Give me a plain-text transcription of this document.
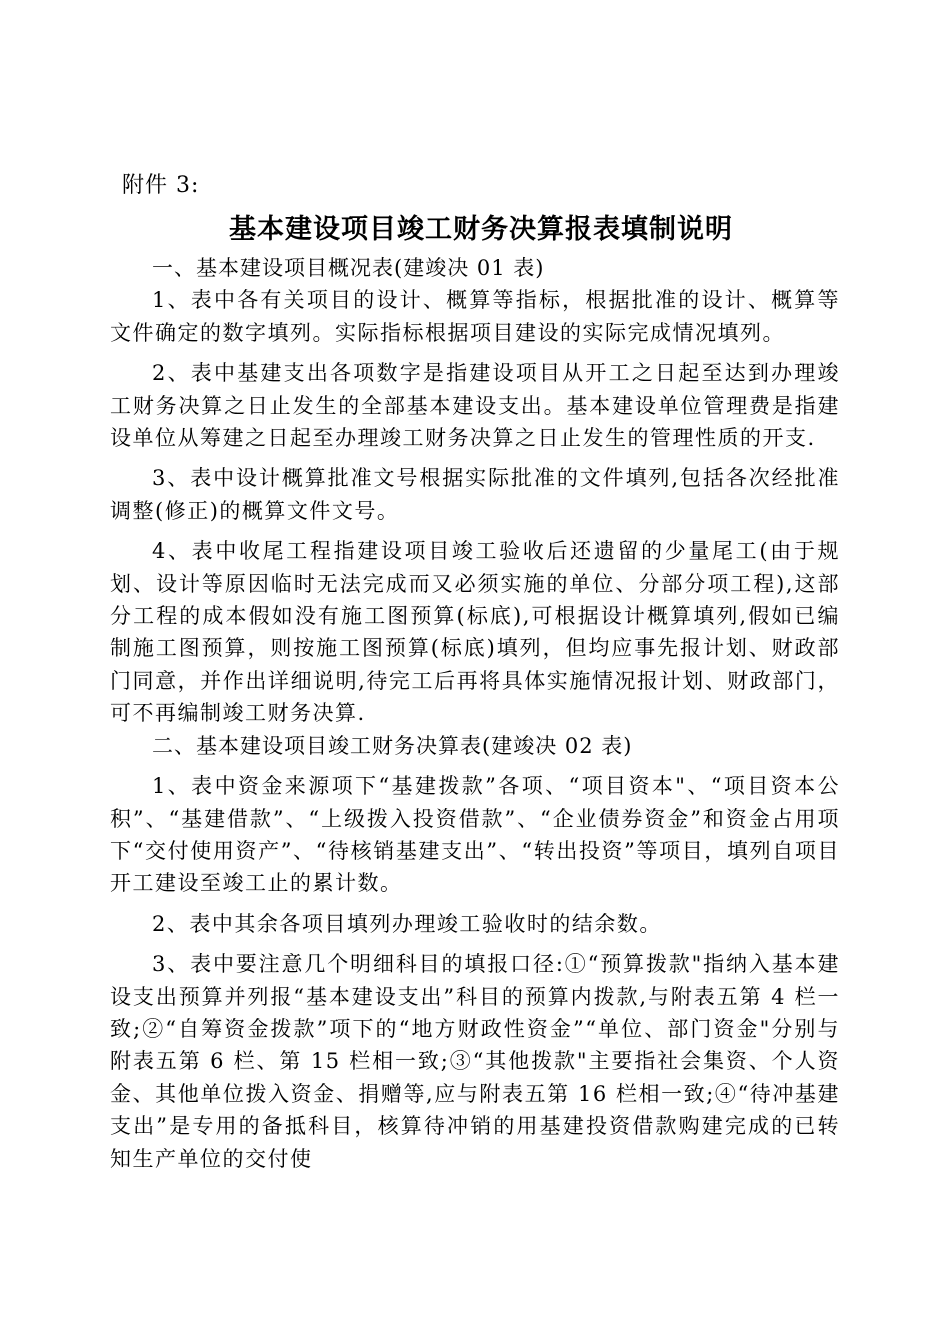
附件 3:

基本建设项目竣工财务决算报表填制说明

一、基本建设项目概况表(建竣决 01 表)

1、表中各有关项目的设计、概算等指标，根据批准的设计、概算等文件确定的数字填列。实际指标根据项目建设的实际完成情况填列。

2、表中基建支出各项数字是指建设项目从开工之日起至达到办理竣工财务决算之日止发生的全部基本建设支出。基本建设单位管理费是指建设单位从筹建之日起至办理竣工财务决算之日止发生的管理性质的开支.

3、表中设计概算批准文号根据实际批准的文件填列,包括各次经批准调整(修正)的概算文件文号。

4、表中收尾工程指建设项目竣工验收后还遗留的少量尾工(由于规划、设计等原因临时无法完成而又必须实施的单位、分部分项工程),这部分工程的成本假如没有施工图预算(标底),可根据设计概算填列,假如已编制施工图预算，则按施工图预算(标底)填列，但均应事先报计划、财政部门同意，并作出详细说明,待完工后再将具体实施情况报计划、财政部门，可不再编制竣工财务决算.

二、基本建设项目竣工财务决算表(建竣决 02 表)

1、表中资金来源项下“基建拨款”各项、“项目资本"、“项目资本公积”、“基建借款”、“上级拨入投资借款”、“企业债券资金”和资金占用项下“交付使用资产”、“待核销基建支出”、“转出投资”等项目，填列自项目开工建设至竣工止的累计数。

2、表中其余各项目填列办理竣工验收时的结余数。

3、表中要注意几个明细科目的填报口径:①“预算拨款"指纳入基本建设支出预算并列报“基本建设支出”科目的预算内拨款,与附表五第 4 栏一致;②“自筹资金拨款”项下的“地方财政性资金”“单位、部门资金"分别与附表五第 6 栏、第 15 栏相一致;③“其他拨款"主要指社会集资、个人资金、其他单位拨入资金、捐赠等,应与附表五第 16 栏相一致;④“待冲基建支出”是专用的备抵科目，核算待冲销的用基建投资借款购建完成的已转知生产单位的交付使
